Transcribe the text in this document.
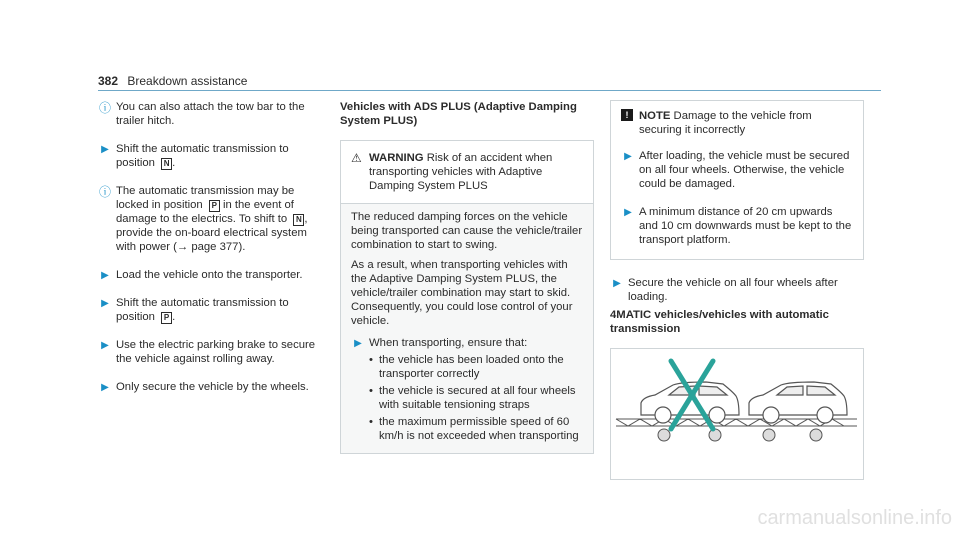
382 Breakdown assistance
ⓘ You can also attach the tow bar to the trailer hitch.
▶ Shift the automatic transmission to position N .
ⓘ The automatic transmission may be locked in position P in the event of damage to the electrics. To shift to N , provide the on-board electrical system with power (→ page 377).
▶ Load the vehicle onto the transporter.
▶ Shift the automatic transmission to position P .
▶ Use the electric parking brake to secure the vehicle against rolling away.
▶ Only secure the vehicle by the wheels.
Vehicles with ADS PLUS (Adaptive Damping System PLUS)
⚠ WARNING Risk of an accident when transporting vehicles with Adaptive Damping System PLUS
The reduced damping forces on the vehicle being transported can cause the vehicle/trailer combination to start to swing.
As a result, when transporting vehicles with the Adaptive Damping System PLUS, the vehicle/trailer combination may start to skid. Consequently, you could lose control of your vehicle.
▶ When transporting, ensure that:
• the vehicle has been loaded onto the transporter correctly
• the vehicle is secured at all four wheels with suitable tensioning straps
• the maximum permissible speed of 60 km/h is not exceeded when transporting
! NOTE Damage to the vehicle from securing it incorrectly
▶ After loading, the vehicle must be secured on all four wheels. Otherwise, the vehicle could be damaged.
▶ A minimum distance of 20 cm upwards and 10 cm downwards must be kept to the transport platform.
▶ Secure the vehicle on all four wheels after loading.
4MATIC vehicles/vehicles with automatic transmission
carmanualsonline.info
